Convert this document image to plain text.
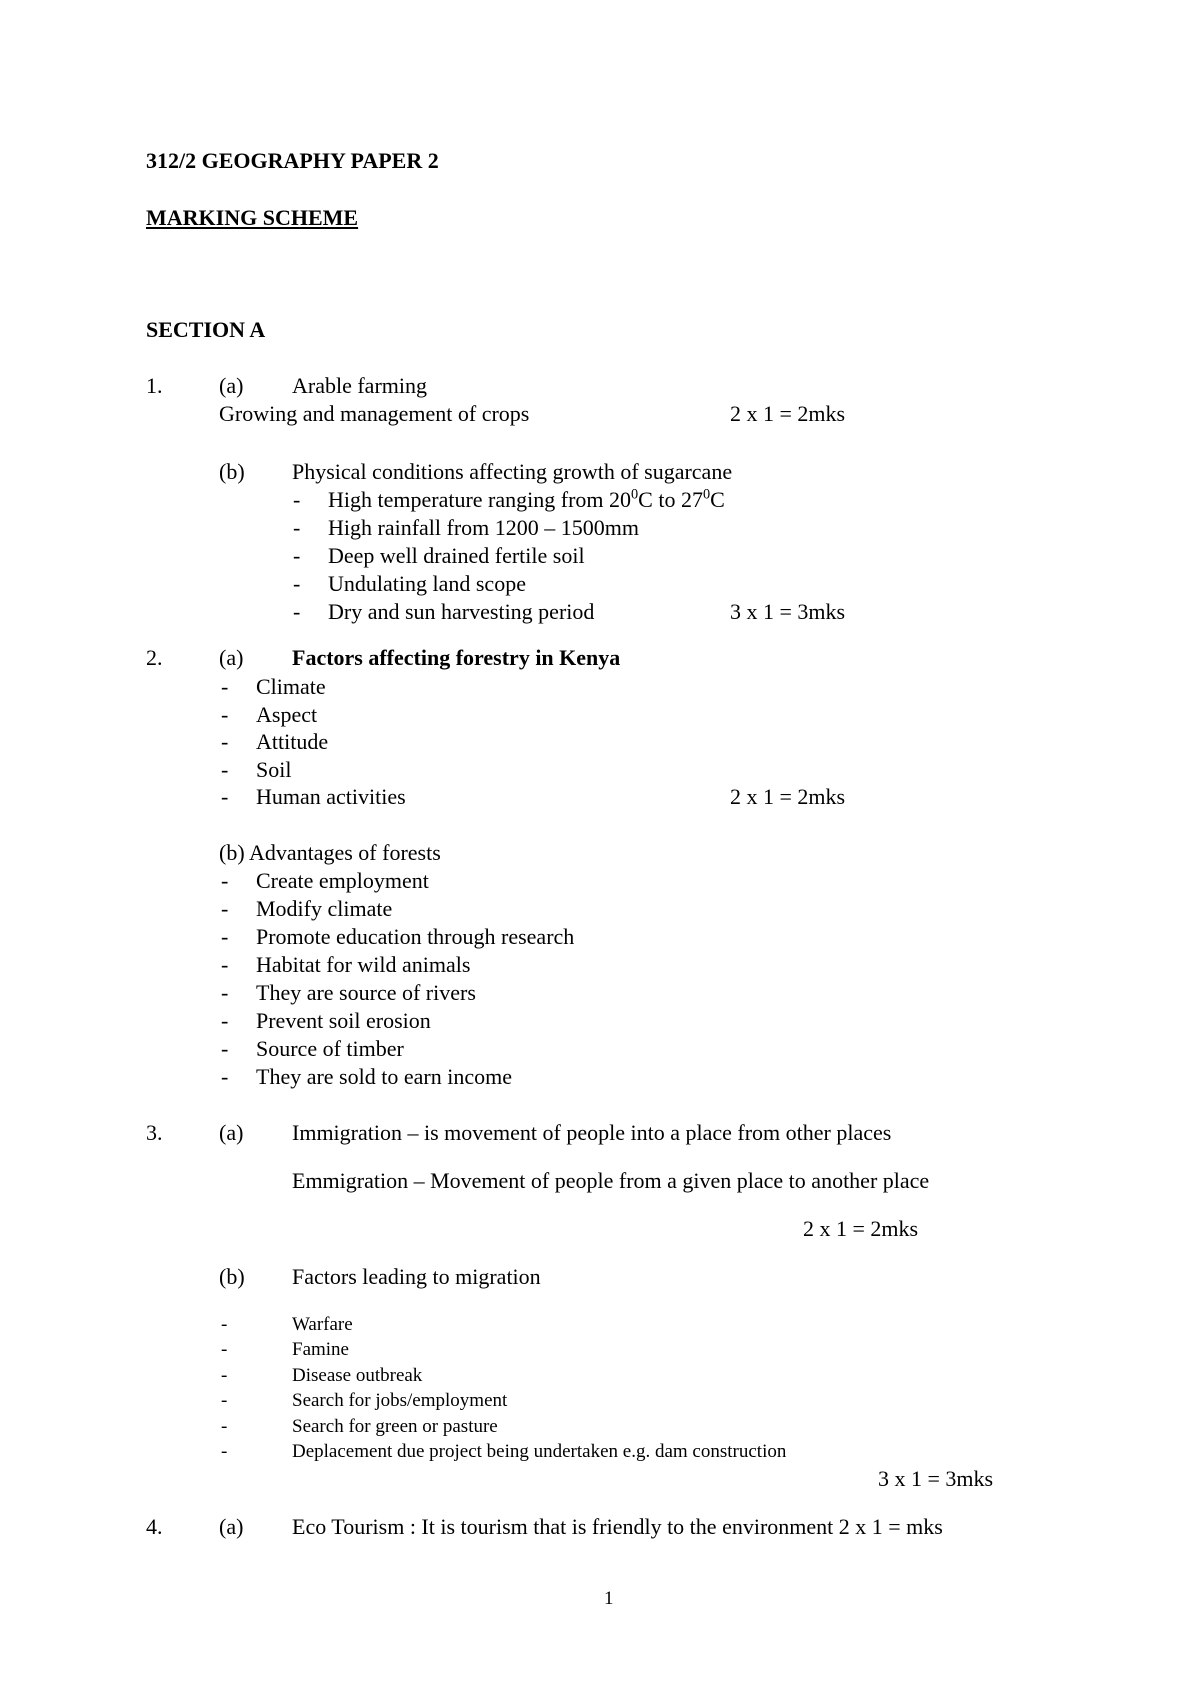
312/2 GEOGRAPHY PAPER 2
MARKING SCHEME
SECTION A
1.	(a) Arable farming
Growing and management of crops	2 x 1 = 2mks
(b) Physical conditions affecting growth of sugarcane
- High temperature ranging from $20^0C$ to $27^0C$
- High rainfall from 1200 – 1500mm
- Deep well drained fertile soil
- Undulating land scope
- Dry and sun harvesting period	3 x 1 = 3mks
2.	(a) Factors affecting forestry in Kenya
- Climate
- Aspect
- Attitude
- Soil
- Human activities	2 x 1 = 2mks
(b) Advantages of forests
- Create employment
- Modify climate
- Promote education through research
- Habitat for wild animals
- They are source of rivers
- Prevent soil erosion
- Source of timber
- They are sold to earn income
3.	(a) Immigration – is movement of people into a place from other places
Emmigration – Movement of people from a given place to another place
2 x 1 = 2mks
(b) Factors leading to migration
-	Warfare
-	Famine
-	Disease outbreak
-	Search for jobs/employment
-	Search for green or pasture
-	Deplacement due project being undertaken e.g. dam construction
3 x 1 = 3mks
4.	(a) Eco Tourism : It is tourism that is friendly to the environment 2 x 1 = mks
1
